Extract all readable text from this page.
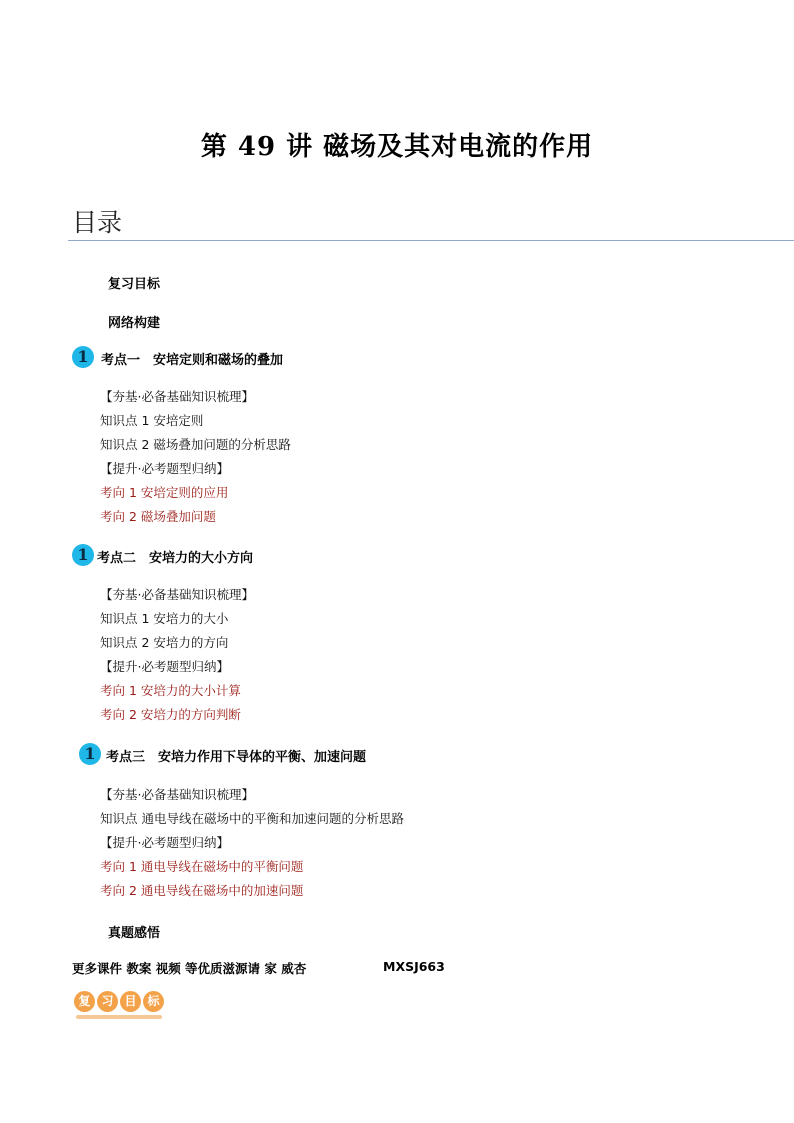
第 49 讲 磁场及其对电流的作用
目录
复习目标
网络构建
1 考点一　安培定则和磁场的叠加
【夯基·必备基础知识梳理】
知识点 1 安培定则
知识点 2 磁场叠加问题的分析思路
【提升·必考题型归纳】
考向 1 安培定则的应用
考向 2 磁场叠加问题
1 考点二　安培力的大小方向
【夯基·必备基础知识梳理】
知识点 1 安培力的大小
知识点 2 安培力的方向
【提升·必考题型归纳】
考向 1 安培力的大小计算
考向 2 安培力的方向判断
1 考点三　安培力作用下导体的平衡、加速问题
【夯基·必备基础知识梳理】
知识点 通电导线在磁场中的平衡和加速问题的分析思路
【提升·必考题型归纳】
考向 1 通电导线在磁场中的平衡问题
考向 2 通电导线在磁场中的加速问题
真题感悟
更多课件 教案 视频 等优质滋源请 家 威杏	MXSJ663
复 习 目 标
